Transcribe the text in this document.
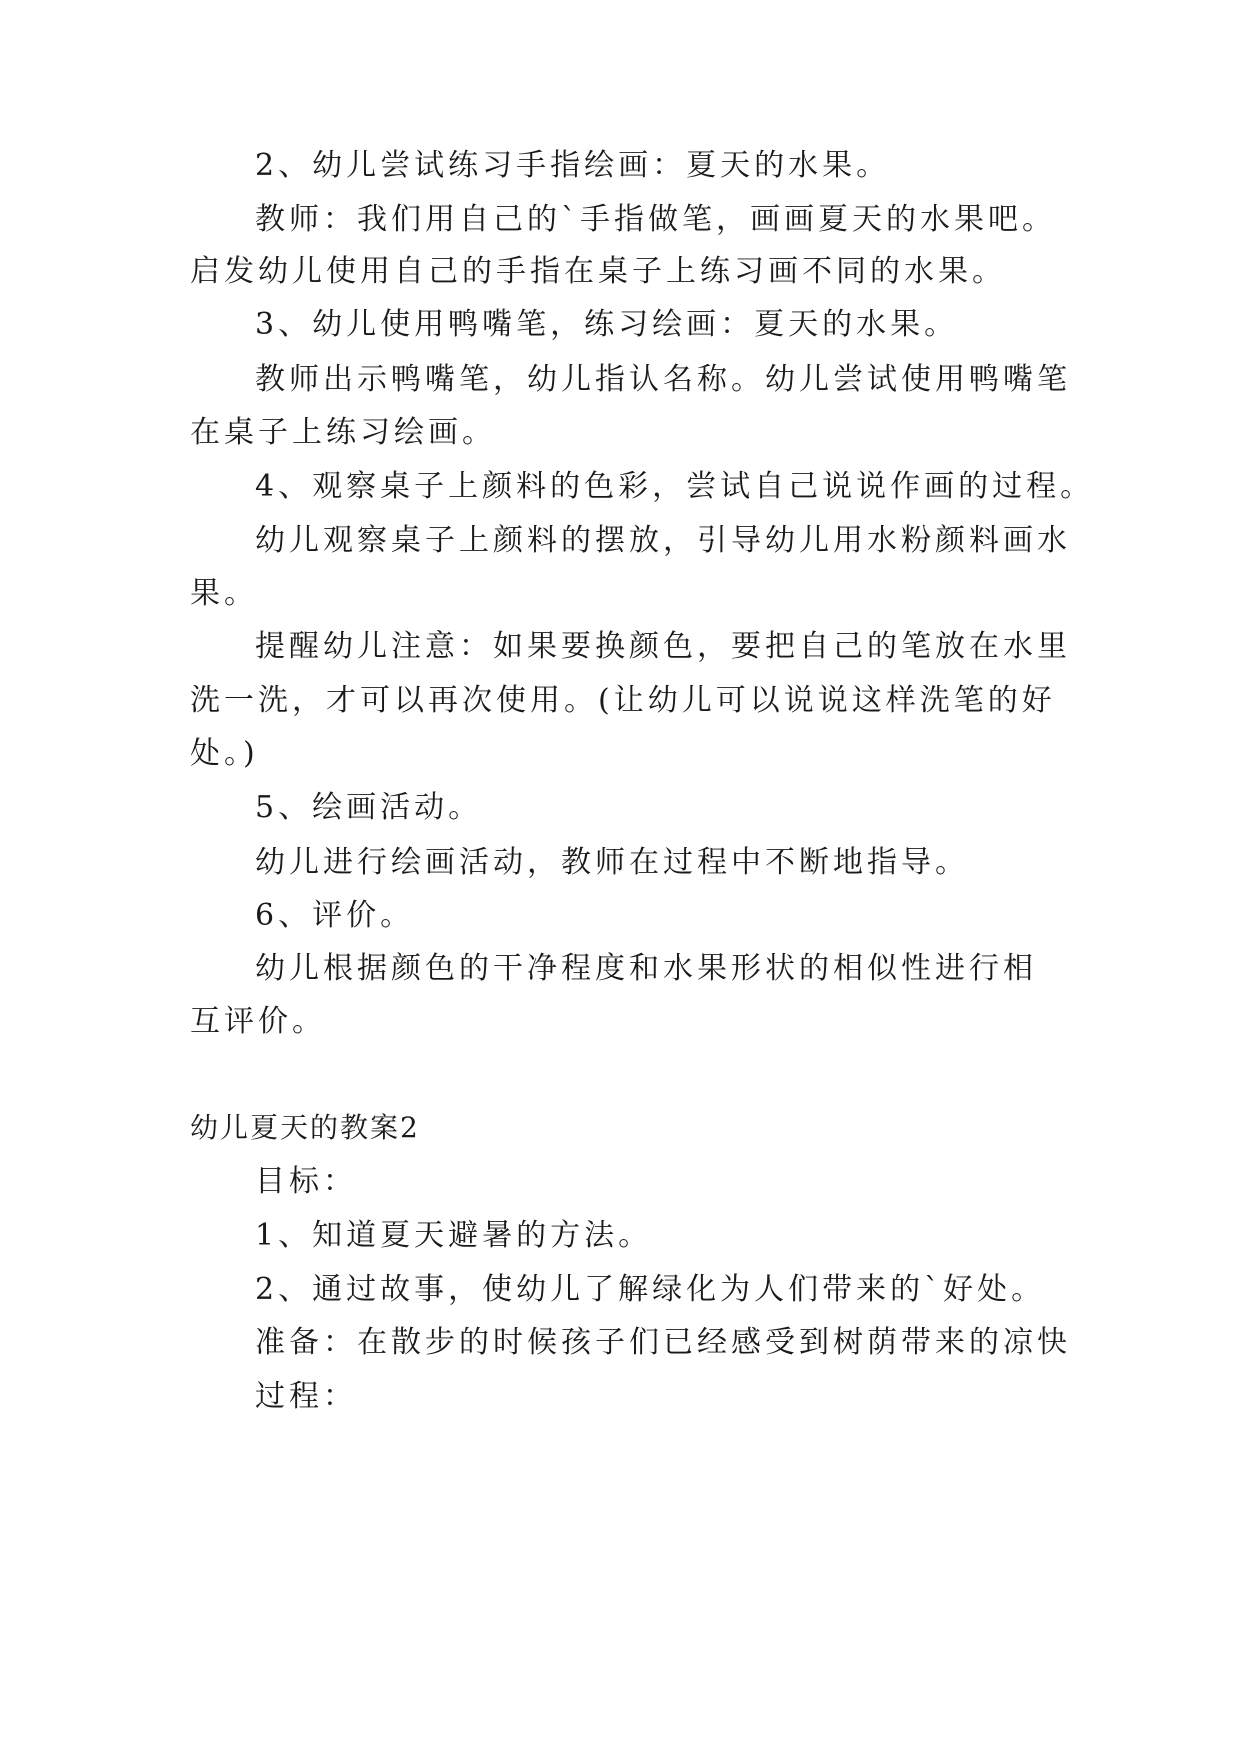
2、幼儿尝试练习手指绘画：夏天的水果。
教师：我们用自己的`手指做笔，画画夏天的水果吧。
启发幼儿使用自己的手指在桌子上练习画不同的水果。
3、幼儿使用鸭嘴笔，练习绘画：夏天的水果。
教师出示鸭嘴笔，幼儿指认名称。幼儿尝试使用鸭嘴笔
在桌子上练习绘画。
4、观察桌子上颜料的色彩，尝试自己说说作画的过程。
幼儿观察桌子上颜料的摆放，引导幼儿用水粉颜料画水
果。
提醒幼儿注意：如果要换颜色，要把自己的笔放在水里
洗一洗，才可以再次使用。(让幼儿可以说说这样洗笔的好
处。)
5、绘画活动。
幼儿进行绘画活动，教师在过程中不断地指导。
6、评价。
幼儿根据颜色的干净程度和水果形状的相似性进行相
互评价。
幼儿夏天的教案2
目标：
1、知道夏天避暑的方法。
2、通过故事，使幼儿了解绿化为人们带来的`好处。
准备：在散步的时候孩子们已经感受到树荫带来的凉快
过程：
